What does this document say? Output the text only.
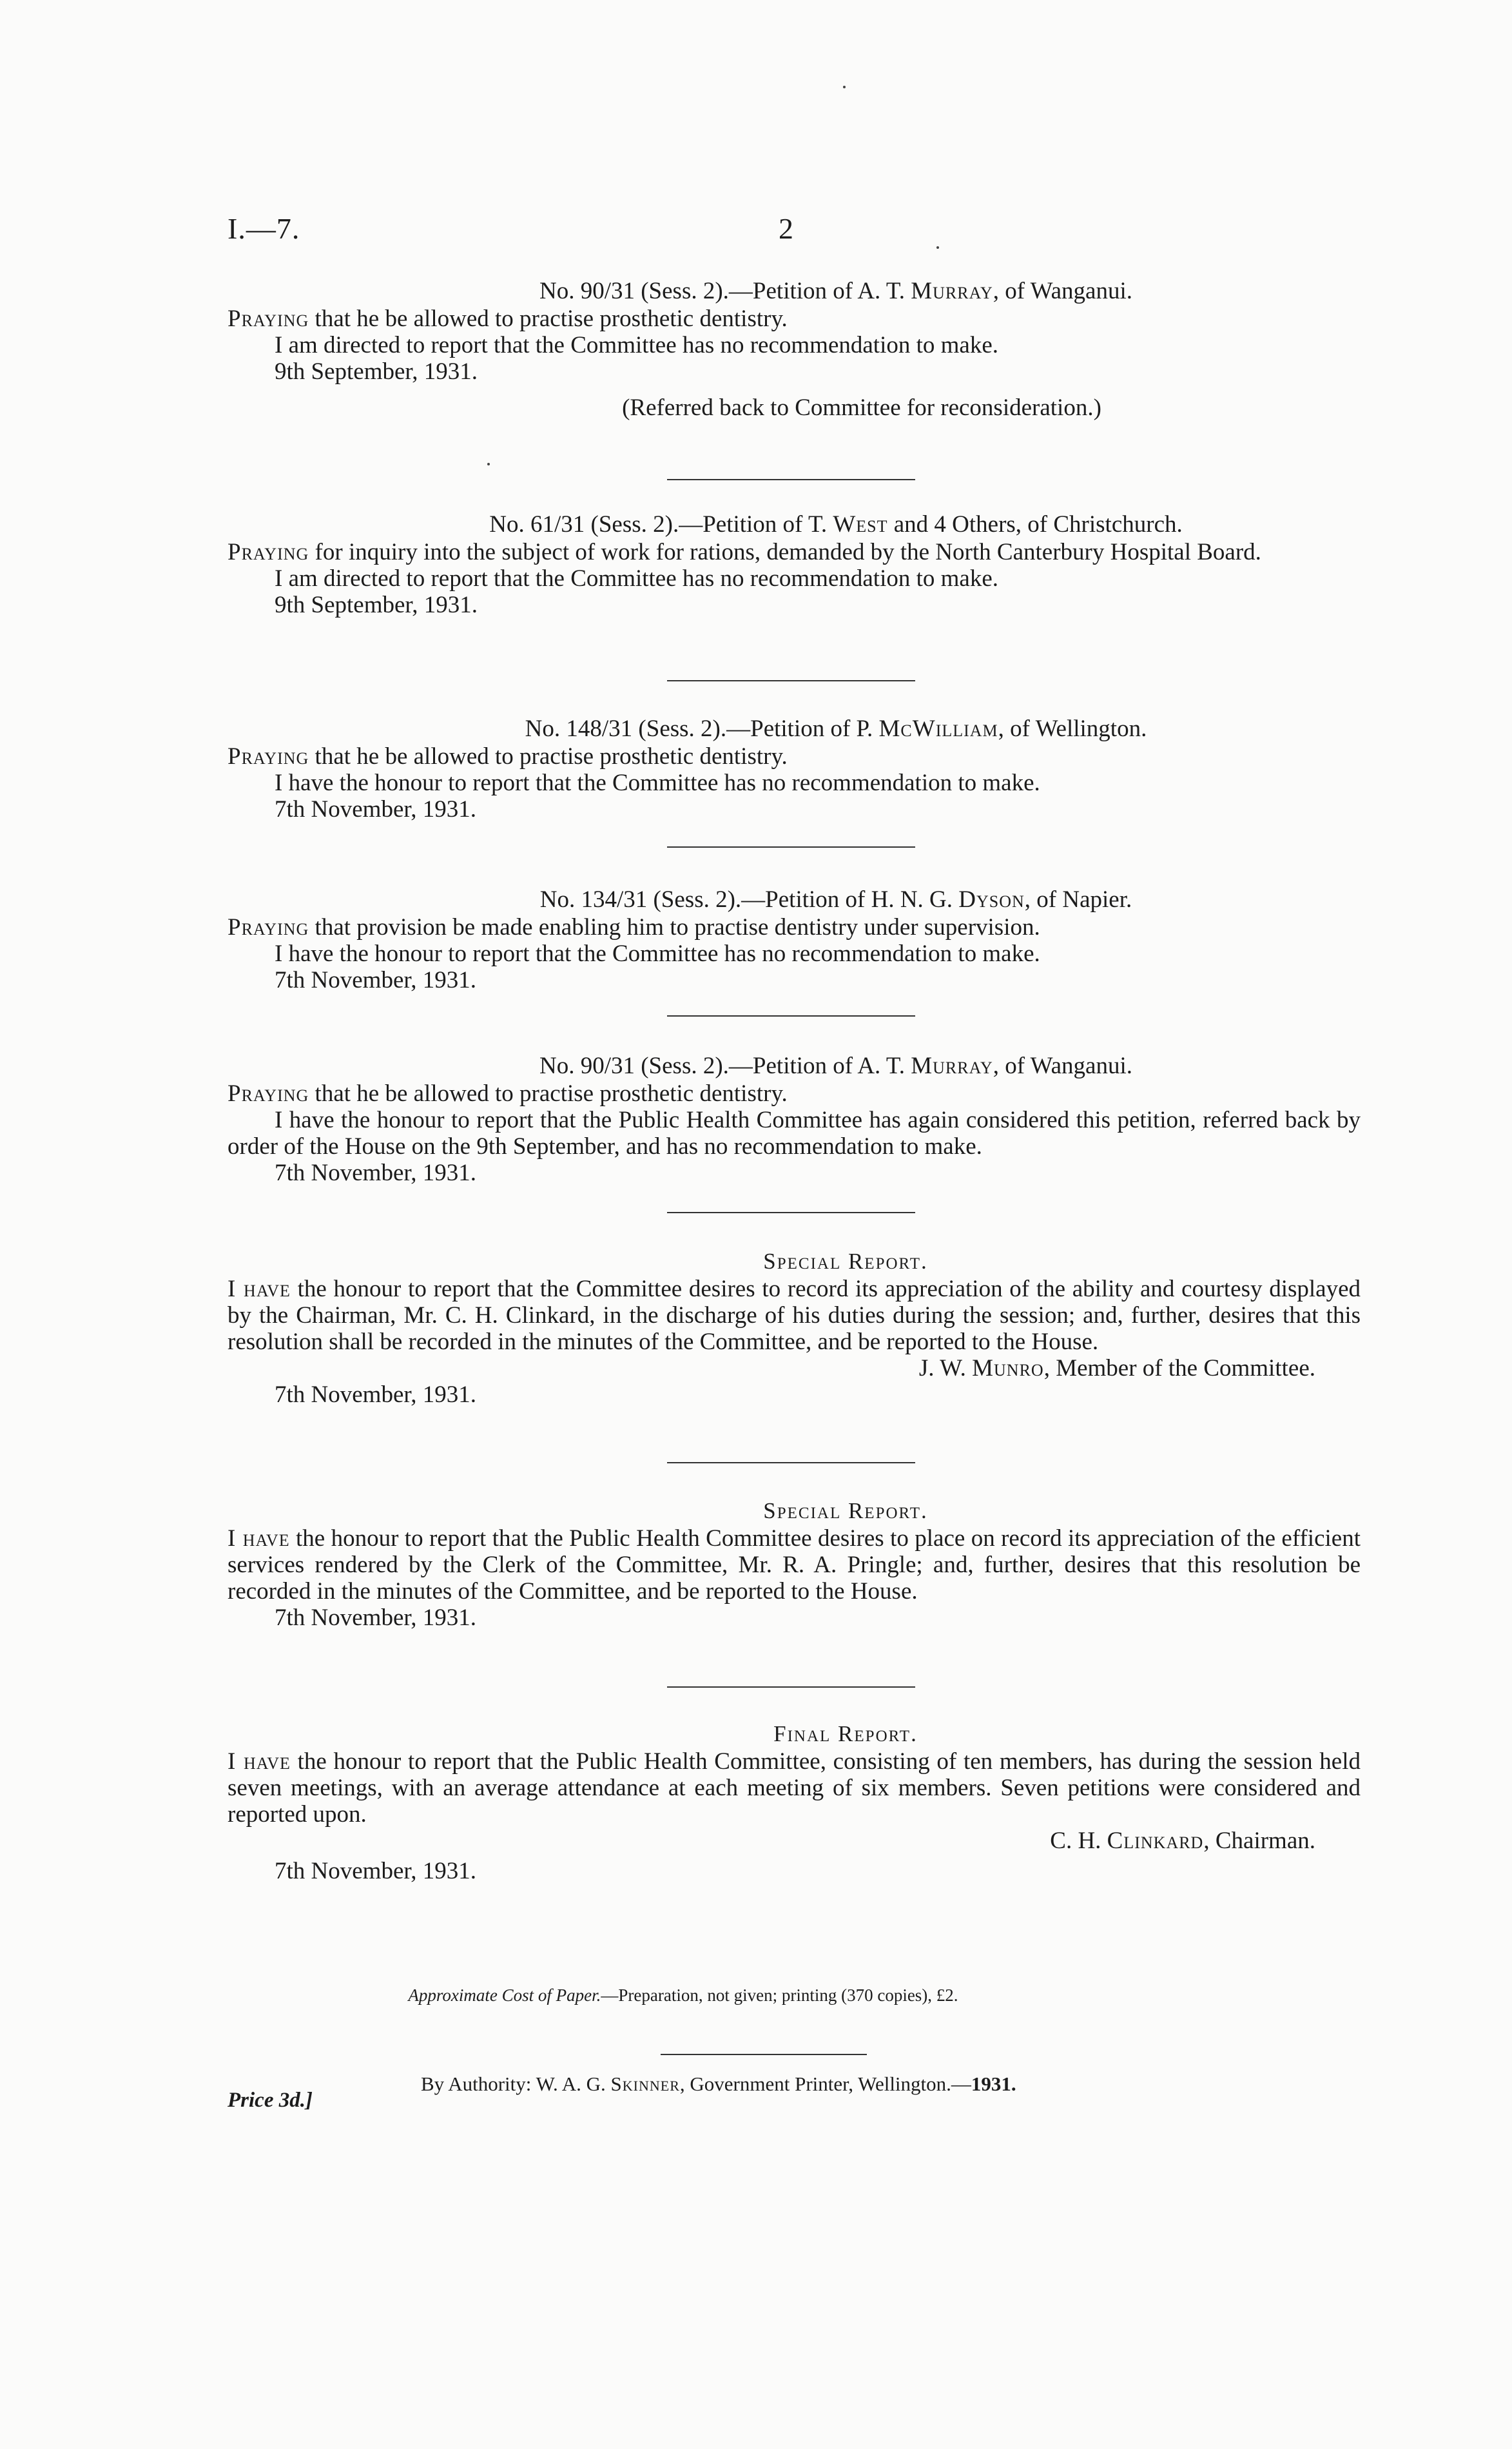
I.—7.	2
No. 90/31 (Sess. 2).—Petition of A. T. Murray, of Wanganui.
Praying that he be allowed to practise prosthetic dentistry.
I am directed to report that the Committee has no recommendation to make.
9th September, 1931.
(Referred back to Committee for reconsideration.)
No. 61/31 (Sess. 2).—Petition of T. West and 4 Others, of Christchurch.
Praying for inquiry into the subject of work for rations, demanded by the North Canterbury Hospital Board.
I am directed to report that the Committee has no recommendation to make.
9th September, 1931.
No. 148/31 (Sess. 2).—Petition of P. McWilliam, of Wellington.
Praying that he be allowed to practise prosthetic dentistry.
I have the honour to report that the Committee has no recommendation to make.
7th November, 1931.
No. 134/31 (Sess. 2).—Petition of H. N. G. Dyson, of Napier.
Praying that provision be made enabling him to practise dentistry under supervision.
I have the honour to report that the Committee has no recommendation to make.
7th November, 1931.
No. 90/31 (Sess. 2).—Petition of A. T. Murray, of Wanganui.
Praying that he be allowed to practise prosthetic dentistry.
I have the honour to report that the Public Health Committee has again considered this petition, referred back by order of the House on the 9th September, and has no recommendation to make.
7th November, 1931.
Special Report.
I have the honour to report that the Committee desires to record its appreciation of the ability and courtesy displayed by the Chairman, Mr. C. H. Clinkard, in the discharge of his duties during the session; and, further, desires that this resolution shall be recorded in the minutes of the Committee, and be reported to the House.
J. W. Munro, Member of the Committee.
7th November, 1931.
Special Report.
I have the honour to report that the Public Health Committee desires to place on record its appreciation of the efficient services rendered by the Clerk of the Committee, Mr. R. A. Pringle; and, further, desires that this resolution be recorded in the minutes of the Committee, and be reported to the House.
7th November, 1931.
Final Report.
I have the honour to report that the Public Health Committee, consisting of ten members, has during the session held seven meetings, with an average attendance at each meeting of six members. Seven petitions were considered and reported upon.
C. H. Clinkard, Chairman.
7th November, 1931.
Approximate Cost of Paper.—Preparation, not given; printing (370 copies), £2.
By Authority: W. A. G. Skinner, Government Printer, Wellington.—1931.
Price 3d.]
